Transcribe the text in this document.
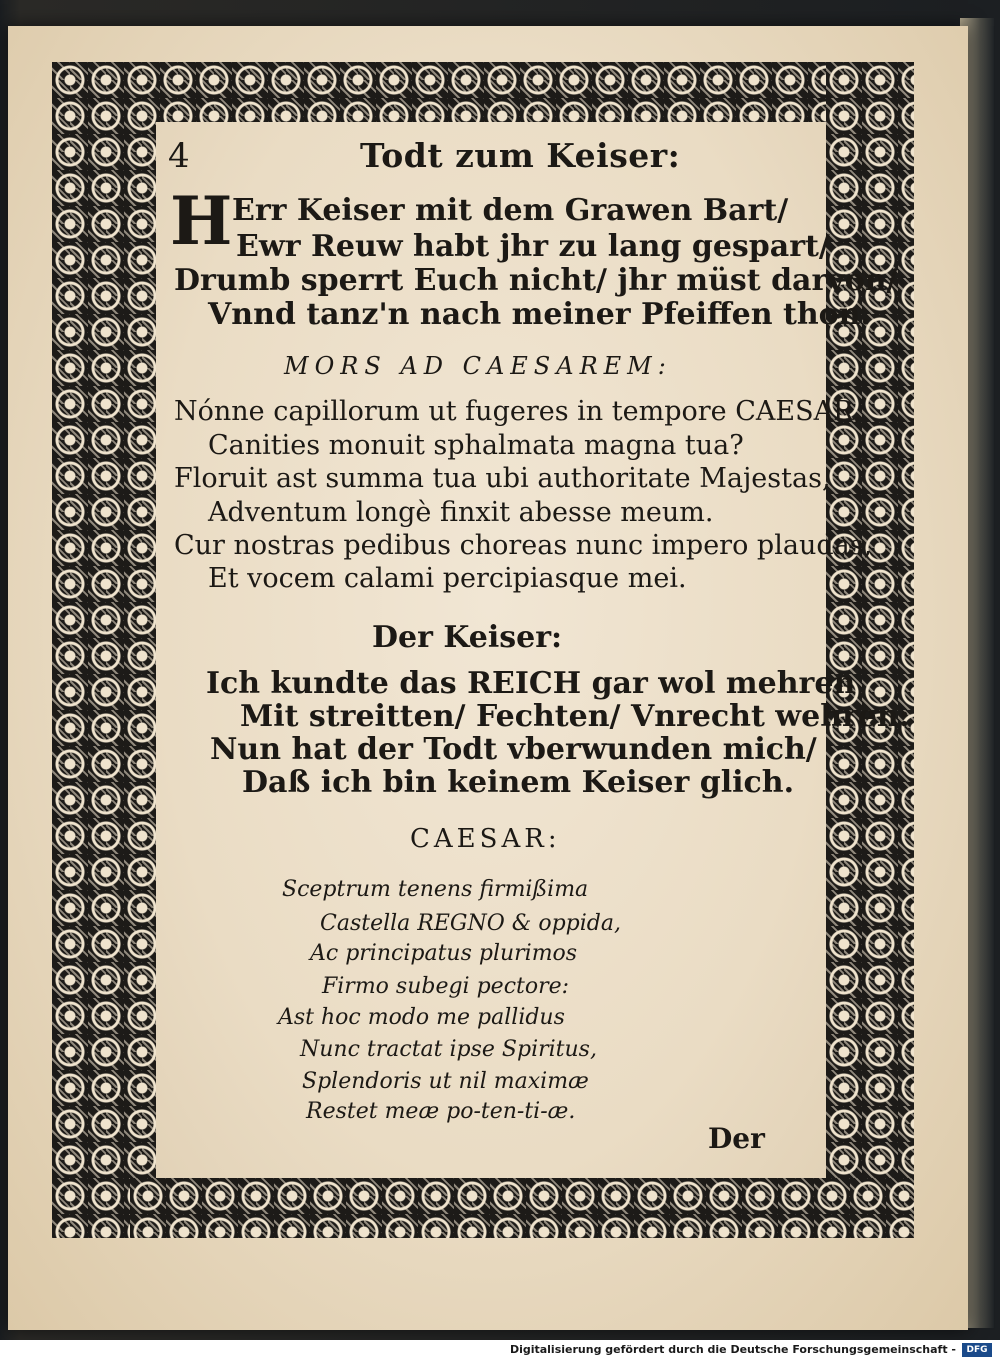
4	Todt zum Keiser:
H Err Keiser mit dem Grawen Bart/
Ewr Reuw habt jhr zu lang gespart/
Drumb sperrt Euch nicht/ jhr müst darvon/
Vnnd tanz'n nach meiner Pfeiffen thon.
MORS AD CAESAREM:
Nónne capillorum ut fugeres in tempore CAESAR,
Canities monuit sphalmata magna tua?
Floruit ast summa tua ubi authoritate Majestas,
Adventum longè finxit abesse meum.
Cur nostras pedibus choreas nunc impero plaudas,
Et vocem calami percipiasque mei.
Der Keiser:
Ich kundte das REICH gar wol mehren
Mit streitten/ Fechten/ Vnrecht wehren:
Nun hat der Todt vberwunden mich/
Daß ich bin keinem Keiser glich.
CAESAR:
Sceptrum tenens firmißima
Castella REGNO & oppida,
Ac principatus plurimos
Firmo subegi pectore:
Ast hoc modo me pallidus
Nunc tractat ipse Spiritus,
Splendoris ut nil maximæ
Restet meæ po-ten-ti-æ.
Der
Digitalisierung gefördert durch die Deutsche Forschungsgemeinschaft -	DFG
